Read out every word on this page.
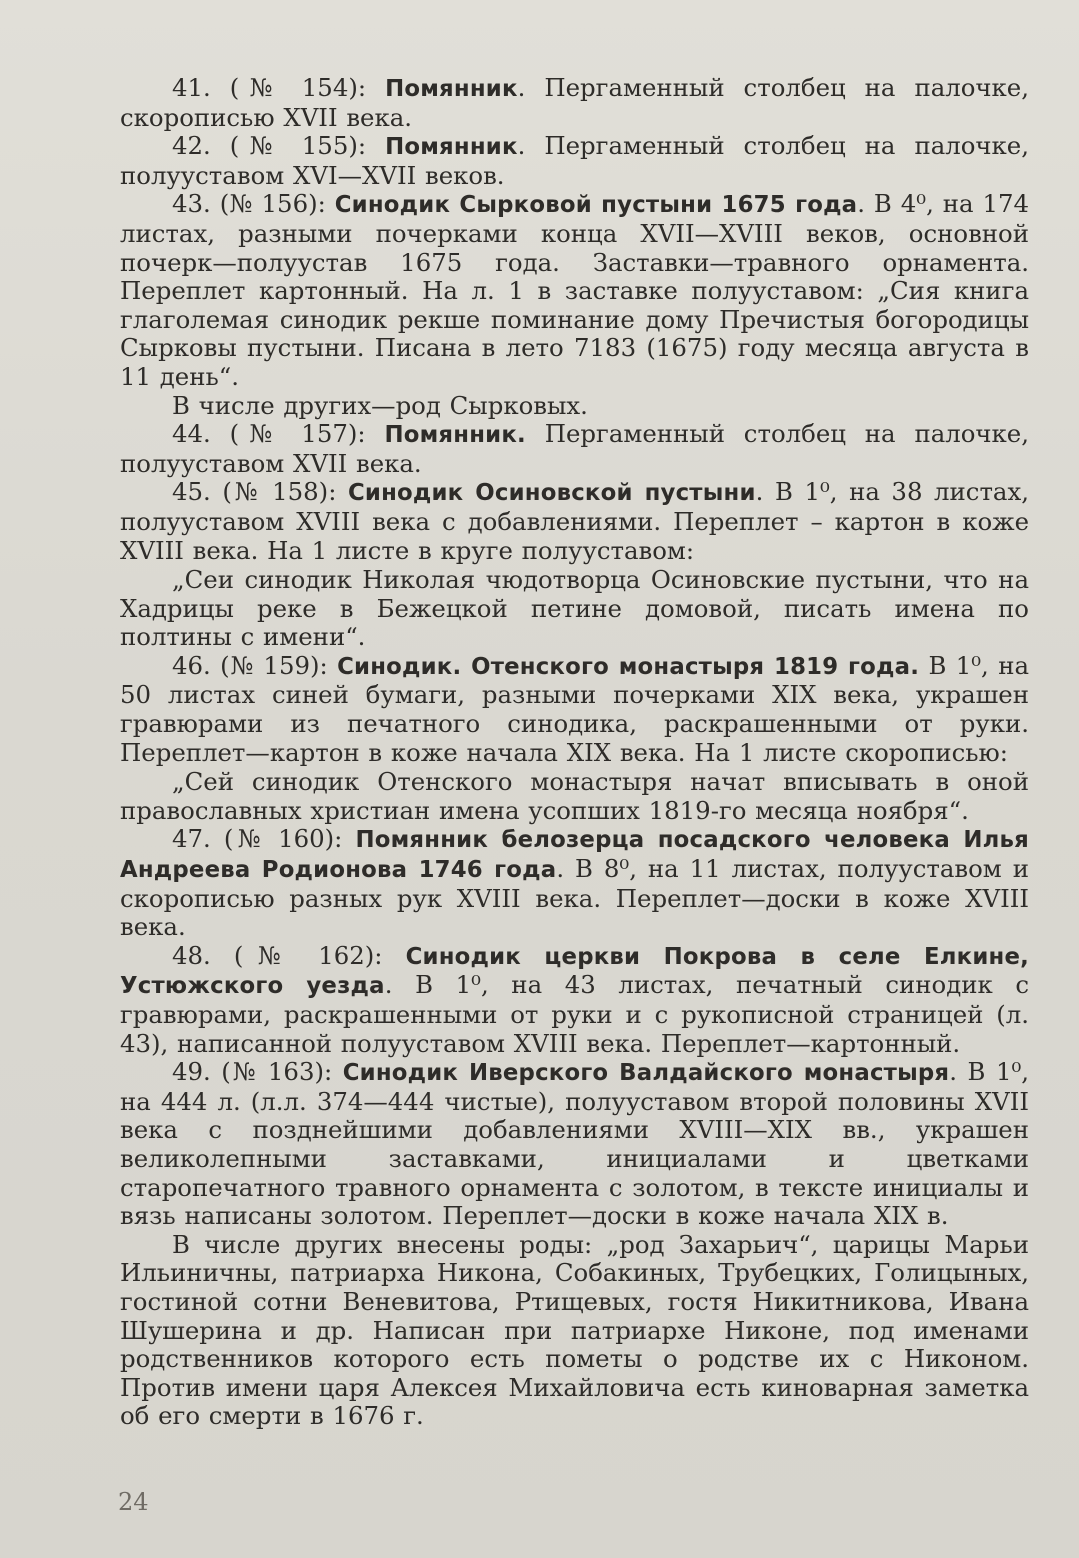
41. (№ 154): Помянник. Пергаменный столбец на палочке, скорописью XVII века.

42. (№ 155): Помянник. Пергаменный столбец на палочке, полууставом XVI—XVII веков.

43. (№ 156): Синодик Сырковой пустыни 1675 года. В 4⁰, на 174 листах, разными почерками конца XVII—XVIII веков, основной почерк—полуустав 1675 года. Заставки—травного орнамента. Переплет картонный. На л. 1 в заставке полууставом: „Сия книга глаголемая синодик рекше поминание дому Пречистыя богородицы Сырковы пустыни. Писана в лето 7183 (1675) году месяца августа в 11 день“.

В числе других—род Сырковых.

44. (№ 157): Помянник. Пергаменный столбец на палочке, полууставом XVII века.

45. (№ 158): Синодик Осиновской пустыни. В 1⁰, на 38 листах, полууставом XVIII века с добавлениями. Переплет – картон в коже XVIII века. На 1 листе в круге полууставом:

„Сеи синодик Николая чюдотворца Осиновские пустыни, что на Хадрицы реке в Бежецкой петине домовой, писать имена по полтины с имени“.

46. (№ 159): Синодик. Отенского монастыря 1819 года. В 1⁰, на 50 листах синей бумаги, разными почерками XIX века, украшен гравюрами из печатного синодика, раскрашенными от руки. Переплет—картон в коже начала XIX века. На 1 листе скорописью:

„Сей синодик Отенского монастыря начат вписывать в оной православных христиан имена усопших 1819-го месяца ноября“.

47. (№ 160): Помянник белозерца посадского человека Илья Андреева Родионова 1746 года. В 8⁰, на 11 листах, полууставом и скорописью разных рук XVIII века. Переплет—доски в коже XVIII века.

48. (№ 162): Синодик церкви Покрова в селе Елкине, Устюжского уезда. В 1⁰, на 43 листах, печатный синодик с гравюрами, раскрашенными от руки и с рукописной страницей (л. 43), написанной полууставом XVIII века. Переплет—картонный.

49. (№ 163): Синодик Иверского Валдайского монастыря. В 1⁰, на 444 л. (л.л. 374—444 чистые), полууставом второй половины XVII века с позднейшими добавлениями XVIII—XIX вв., украшен великолепными заставками, инициалами и цветками старопечатного травного орнамента с золотом, в тексте инициалы и вязь написаны золотом. Переплет—доски в коже начала XIX в.

В числе других внесены роды: „род Захарьич“, царицы Марьи Ильиничны, патриарха Никона, Собакиных, Трубецких, Голицыных, гостиной сотни Веневитова, Ртищевых, гостя Никитникова, Ивана Шушерина и др. Написан при патриархе Никоне, под именами родственников которого есть пометы о родстве их с Никоном. Против имени царя Алексея Михайловича есть киноварная заметка об его смерти в 1676 г.

24
